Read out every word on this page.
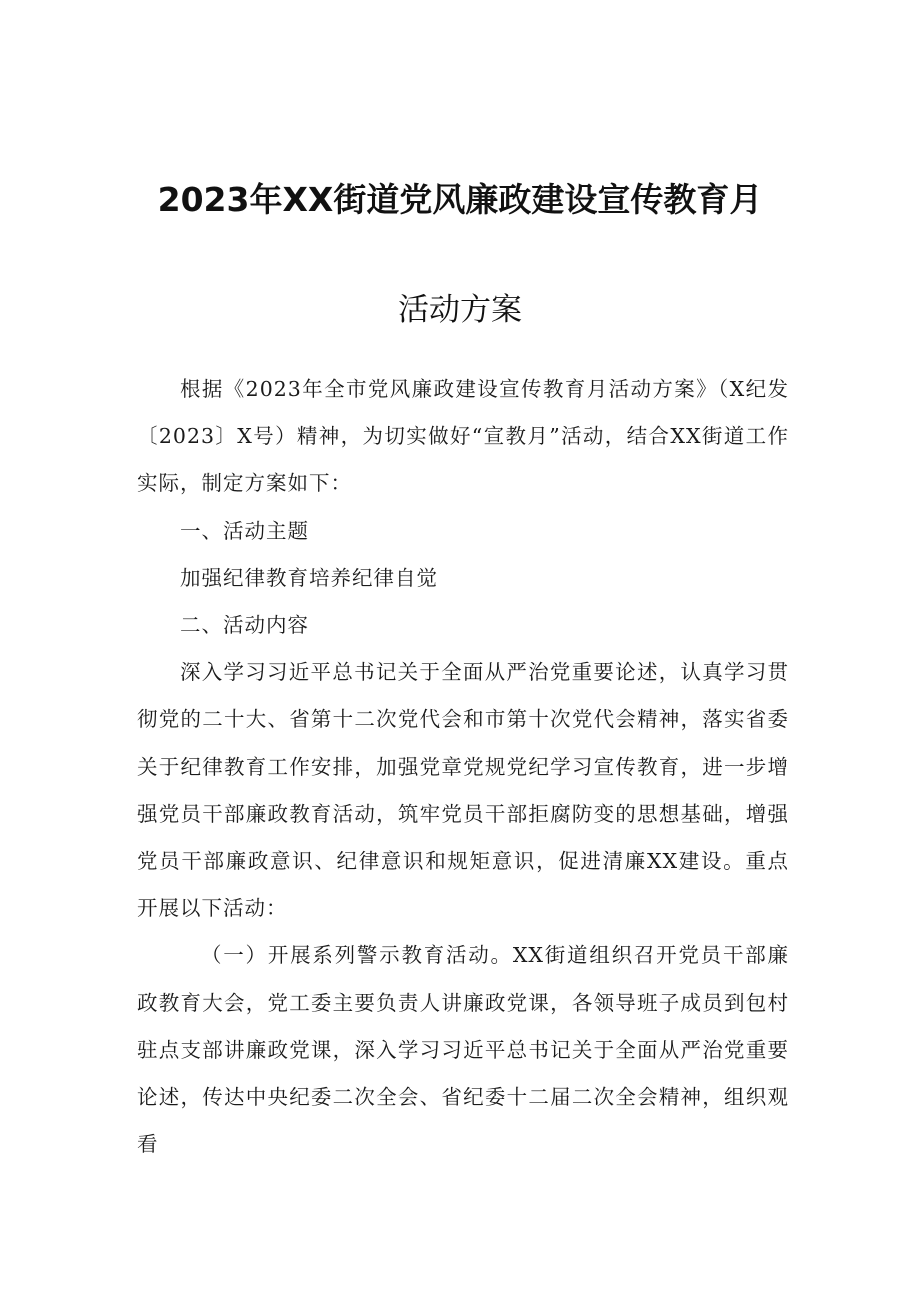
2023年XX街道党风廉政建设宣传教育月
活动方案

根据《2023年全市党风廉政建设宣传教育月活动方案》（X纪发〔2023〕X号）精神，为切实做好“宣教月”活动，结合XX街道工作实际，制定方案如下：

一、活动主题

加强纪律教育培养纪律自觉

二、活动内容

深入学习习近平总书记关于全面从严治党重要论述，认真学习贯彻党的二十大、省第十二次党代会和市第十次党代会精神，落实省委关于纪律教育工作安排，加强党章党规党纪学习宣传教育，进一步增强党员干部廉政教育活动，筑牢党员干部拒腐防变的思想基础，增强党员干部廉政意识、纪律意识和规矩意识，促进清廉XX建设。重点开展以下活动：

（一）开展系列警示教育活动。XX街道组织召开党员干部廉政教育大会，党工委主要负责人讲廉政党课，各领导班子成员到包村驻点支部讲廉政党课，深入学习习近平总书记关于全面从严治党重要论述，传达中央纪委二次全会、省纪委十二届二次全会精神，组织观看
